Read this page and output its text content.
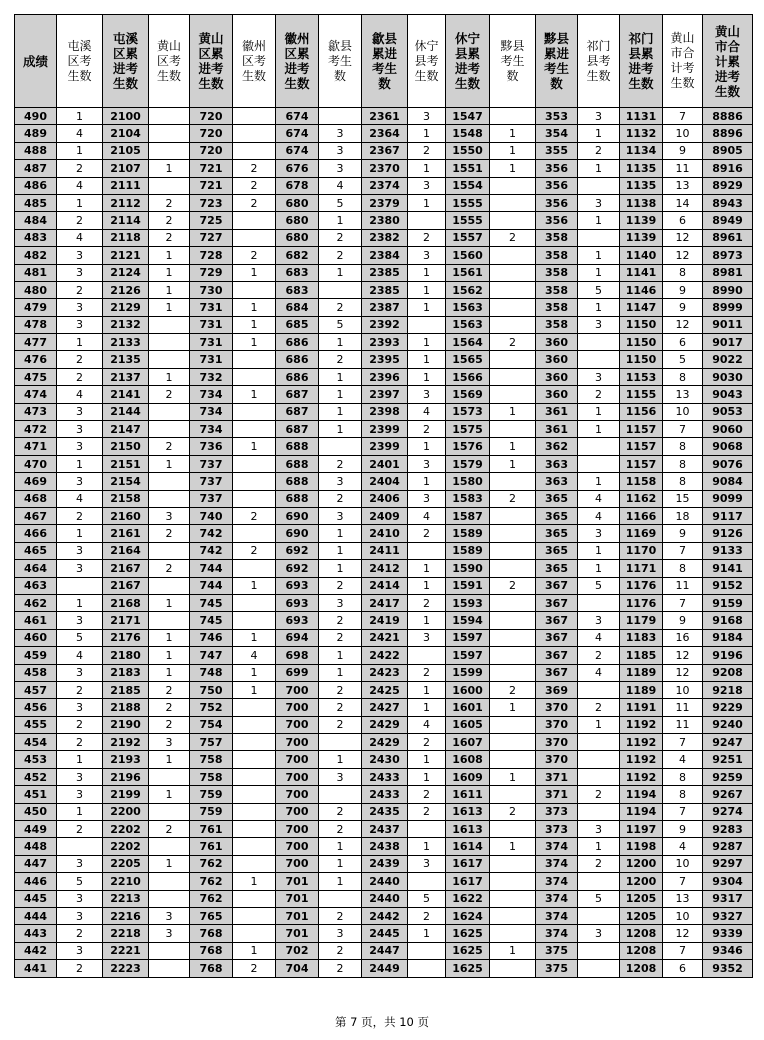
成绩	屯溪区考生数	屯溪区累进考生数	黄山区考生数	黄山区累进考生数	徽州区考生数	徽州区累进考生数	歙县考生数	歙县累进考生数	休宁县考生数	休宁县累进考生数	黟县考生数	黟县累进考生数	祁门县考生数	祁门县累进考生数	黄山市合计考生数	黄山市合计累进考生数

490	1	2100		720		674		2361	3	1547		353	3	1131	7	8886
489	4	2104		720		674	3	2364	1	1548	1	354	1	1132	10	8896
488	1	2105		720		674	3	2367	2	1550	1	355	2	1134	9	8905
487	2	2107	1	721	2	676	3	2370	1	1551	1	356	1	1135	11	8916
486	4	2111		721	2	678	4	2374	3	1554		356		1135	13	8929
485	1	2112	2	723	2	680	5	2379	1	1555		356	3	1138	14	8943
484	2	2114	2	725		680	1	2380		1555		356	1	1139	6	8949
483	4	2118	2	727		680	2	2382	2	1557	2	358		1139	12	8961
482	3	2121	1	728	2	682	2	2384	3	1560		358	1	1140	12	8973
481	3	2124	1	729	1	683	1	2385	1	1561		358	1	1141	8	8981
480	2	2126	1	730		683		2385	1	1562		358	5	1146	9	8990
479	3	2129	1	731	1	684	2	2387	1	1563		358	1	1147	9	8999
478	3	2132		731	1	685	5	2392		1563		358	3	1150	12	9011
477	1	2133		731	1	686	1	2393	1	1564	2	360		1150	6	9017
476	2	2135		731		686	2	2395	1	1565		360		1150	5	9022
475	2	2137	1	732		686	1	2396	1	1566		360	3	1153	8	9030
474	4	2141	2	734	1	687	1	2397	3	1569		360	2	1155	13	9043
473	3	2144		734		687	1	2398	4	1573	1	361	1	1156	10	9053
472	3	2147		734		687	1	2399	2	1575		361	1	1157	7	9060
471	3	2150	2	736	1	688		2399	1	1576	1	362		1157	8	9068
470	1	2151	1	737		688	2	2401	3	1579	1	363		1157	8	9076
469	3	2154		737		688	3	2404	1	1580		363	1	1158	8	9084
468	4	2158		737		688	2	2406	3	1583	2	365	4	1162	15	9099
467	2	2160	3	740	2	690	3	2409	4	1587		365	4	1166	18	9117
466	1	2161	2	742		690	1	2410	2	1589		365	3	1169	9	9126
465	3	2164		742	2	692	1	2411		1589		365	1	1170	7	9133
464	3	2167	2	744		692	1	2412	1	1590		365	1	1171	8	9141
463		2167		744	1	693	2	2414	1	1591	2	367	5	1176	11	9152
462	1	2168	1	745		693	3	2417	2	1593		367		1176	7	9159
461	3	2171		745		693	2	2419	1	1594		367	3	1179	9	9168
460	5	2176	1	746	1	694	2	2421	3	1597		367	4	1183	16	9184
459	4	2180	1	747	4	698	1	2422		1597		367	2	1185	12	9196
458	3	2183	1	748	1	699	1	2423	2	1599		367	4	1189	12	9208
457	2	2185	2	750	1	700	2	2425	1	1600	2	369		1189	10	9218
456	3	2188	2	752		700	2	2427	1	1601	1	370	2	1191	11	9229
455	2	2190	2	754		700	2	2429	4	1605		370	1	1192	11	9240
454	2	2192	3	757		700		2429	2	1607		370		1192	7	9247
453	1	2193	1	758		700	1	2430	1	1608		370		1192	4	9251
452	3	2196		758		700	3	2433	1	1609	1	371		1192	8	9259
451	3	2199	1	759		700		2433	2	1611		371	2	1194	8	9267
450	1	2200		759		700	2	2435	2	1613	2	373		1194	7	9274
449	2	2202	2	761		700	2	2437		1613		373	3	1197	9	9283
448		2202		761		700	1	2438	1	1614	1	374	1	1198	4	9287
447	3	2205	1	762		700	1	2439	3	1617		374	2	1200	10	9297
446	5	2210		762	1	701	1	2440		1617		374		1200	7	9304
445	3	2213		762		701		2440	5	1622		374	5	1205	13	9317
444	3	2216	3	765		701	2	2442	2	1624		374		1205	10	9327
443	2	2218	3	768		701	3	2445	1	1625		374	3	1208	12	9339
442	3	2221		768	1	702	2	2447		1625	1	375		1208	7	9346
441	2	2223		768	2	704	2	2449		1625		375		1208	6	9352
第 7 页，共 10 页
